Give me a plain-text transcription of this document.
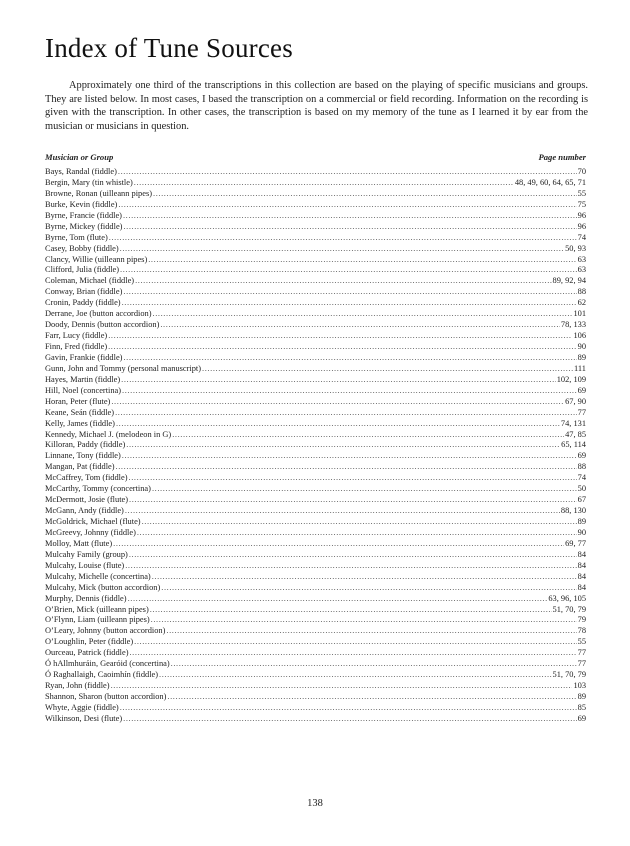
Index of Tune Sources

Approximately one third of the transcriptions in this collection are based on the playing of specific musicians and groups. They are listed below. In most cases, I based the transcription on a commercial or field recording. Information on the recording is given with the transcription. In other cases, the transcription is based on my memory of the tune as I learned it by ear from the musician or musicians in question.

Musician or Group	Page number
Bays, Randal (fiddle) .....	70
Bergin, Mary (tin whistle) .....	48, 49, 60, 64, 65, 71
Browne, Ronan (uilleann pipes) .....	55
Burke, Kevin (fiddle) .....	75
Byrne, Francie (fiddle) .....	96
Byrne, Mickey (fiddle) .....	96
Byrne, Tom (flute) .....	74
Casey, Bobby (fiddle) .....	50, 93
Clancy, Willie (uilleann pipes) .....	63
Clifford, Julia (fiddle) .....	63
Coleman, Michael (fiddle) .....	89, 92, 94
Conway, Brian (fiddle) .....	88
Cronin, Paddy (fiddle) .....	62
Derrane, Joe (button accordion) .....	101
Doody, Dennis (button accordion) .....	78, 133
Farr, Lucy (fiddle) .....	106
Finn, Fred (fiddle) .....	90
Gavin, Frankie (fiddle) .....	89
Gunn, John and Tommy (personal manuscript) .....	111
Hayes, Martin (fiddle) .....	102, 109
Hill, Noel (concertina) .....	69
Horan, Peter (flute) .....	67, 90
Keane, Seán (fiddle) .....	77
Kelly, James (fiddle) .....	74, 131
Kennedy, Michael J. (melodeon in G) .....	47, 85
Killoran, Paddy (fiddle) .....	65, 114
Linnane, Tony (fiddle) .....	69
Mangan, Pat (fiddle) .....	88
McCaffrey, Tom (fiddle) .....	74
McCarthy, Tommy (concertina) .....	50
McDermott, Josie (flute) .....	67
McGann, Andy (fiddle) .....	88, 130
McGoldrick, Michael (flute) .....	89
McGreevy, Johnny (fiddle) .....	90
Molloy, Matt (flute) .....	69, 77
Mulcahy Family (group) .....	84
Mulcahy, Louise (flute) .....	84
Mulcahy, Michelle (concertina) .....	84
Mulcahy, Mick (button accordion) .....	84
Murphy, Dennis (fiddle) .....	63, 96, 105
O’Brien, Mick (uilleann pipes) .....	51, 70, 79
O’Flynn, Liam (uilleann pipes) .....	79
O’Leary, Johnny (button accordion) .....	78
O’Loughlin, Peter (fiddle) .....	55
Ourceau, Patrick (fiddle) .....	77
Ó hAllmhuráin, Gearóid (concertina) .....	77
Ó Raghallaigh, Caoimhín (fiddle) .....	51, 70, 79
Ryan, John (fiddle) .....	103
Shannon, Sharon (button accordion) .....	89
Whyte, Aggie (fiddle) .....	85
Wilkinson, Desi (flute) .....	69
138
